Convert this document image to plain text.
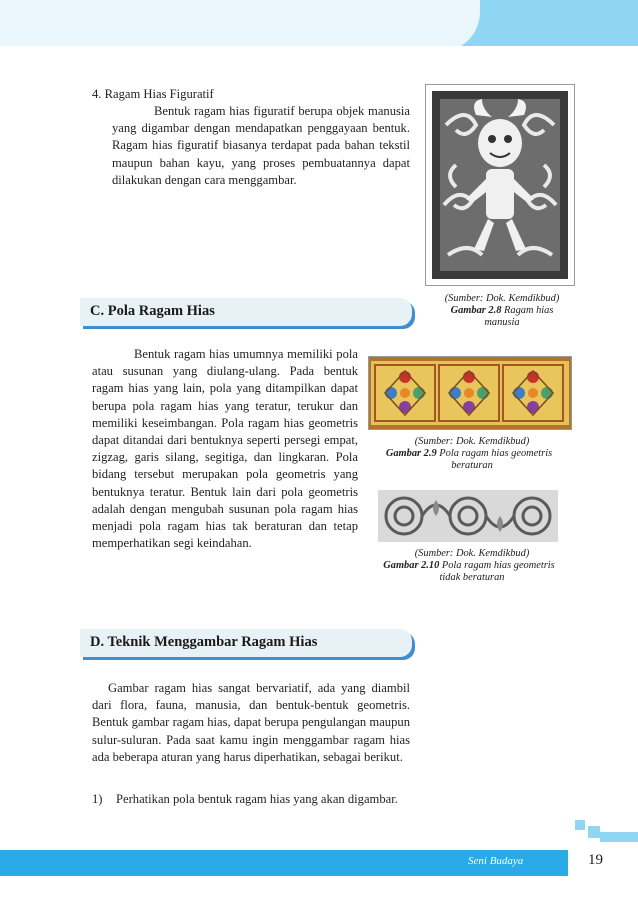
4. Ragam Hias Figuratif
Bentuk ragam hias figuratif berupa objek manusia yang digambar dengan mendapatkan penggayaan bentuk. Ragam hias figuratif biasanya terdapat pada bahan tekstil maupun bahan kayu, yang proses pembuatannya dapat dilakukan dengan cara menggambar.
(Sumber: Dok. Kemdikbud)
Gambar 2.8 Ragam hias
manusia
C. Pola Ragam Hias
Bentuk ragam hias umumnya memiliki pola atau susunan yang diulang-ulang. Pada bentuk ragam hias yang lain, pola yang ditampilkan dapat berupa pola ragam hias yang teratur, terukur dan memiliki keseimbangan. Pola ragam hias geometris dapat ditandai dari bentuknya seperti persegi empat, zigzag, garis silang, segitiga, dan lingkaran. Pola bidang tersebut merupakan pola geometris yang bentuknya teratur. Bentuk lain dari pola geometris adalah dengan mengubah susunan pola ragam hias menjadi pola ragam hias tak beraturan dan tetap memperhatikan segi keindahan.
(Sumber: Dok. Kemdikbud)
Gambar 2.9 Pola ragam hias geometris
beraturan
(Sumber: Dok. Kemdikbud)
Gambar 2.10 Pola ragam hias geometris
tidak beraturan
D. Teknik Menggambar Ragam Hias
Gambar ragam hias sangat bervariatif, ada yang diambil dari flora, fauna, manusia, dan bentuk-bentuk geometris. Bentuk gambar ragam hias, dapat berupa pengulangan maupun sulur-suluran. Pada saat kamu ingin menggambar ragam hias ada beberapa aturan yang harus diperhatikan, sebagai berikut.
1)	Perhatikan pola bentuk ragam hias yang akan digambar.
Seni Budaya	19
